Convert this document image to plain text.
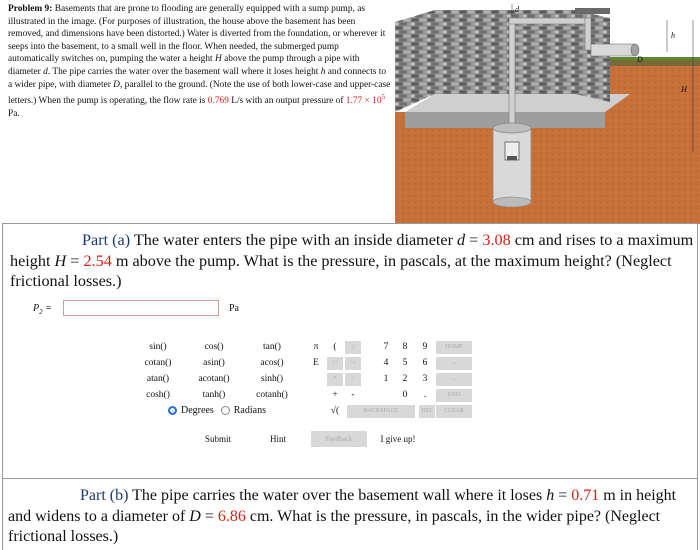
Problem 9: Basements that are prone to flooding are generally equipped with a sump pump, as illustrated in the image. (For purposes of illustration, the house above the basement has been removed, and dimensions have been distorted.) Water is diverted from the foundation, or wherever it seeps into the basement, to a small well in the floor. When needed, the submerged pump automatically switches on, pumping the water a height H above the pump through a pipe with diameter d. The pipe carries the water over the basement wall where it loses height h and connects to a wider pipe, with diameter D, parallel to the ground. (Note the use of both lower-case and upper-case letters.) When the pump is operating, the flow rate is 0.769 L/s with an output pressure of $1.77 \times 10^5$ Pa.
d
h
D
H
Part (a) The water enters the pipe with an inside diameter d = 3.08 cm and rises to a maximum height H = 2.54 m above the pump. What is the pressure, in pascals, at the maximum height? (Neglect frictional losses.)
$P_2$ =	Pa
sin()	cos()	tan()
cotan()	asin()	acos()
atan()	acotan()	sinh()
cosh()	tanh()	cotanh()
π
E
(	)
↑^	^↓
*	/
+	-
√(
7	8	9
4	5	6
1	2	3
0	.
HOME
→
←
END
BACKSPACE	DEL	CLEAR
Degrees Radians
Submit	Hint	Feedback	I give up!
Part (b) The pipe carries the water over the basement wall where it loses h = 0.71 m in height and widens to a diameter of D = 6.86 cm. What is the pressure, in pascals, in the wider pipe? (Neglect frictional losses.)
